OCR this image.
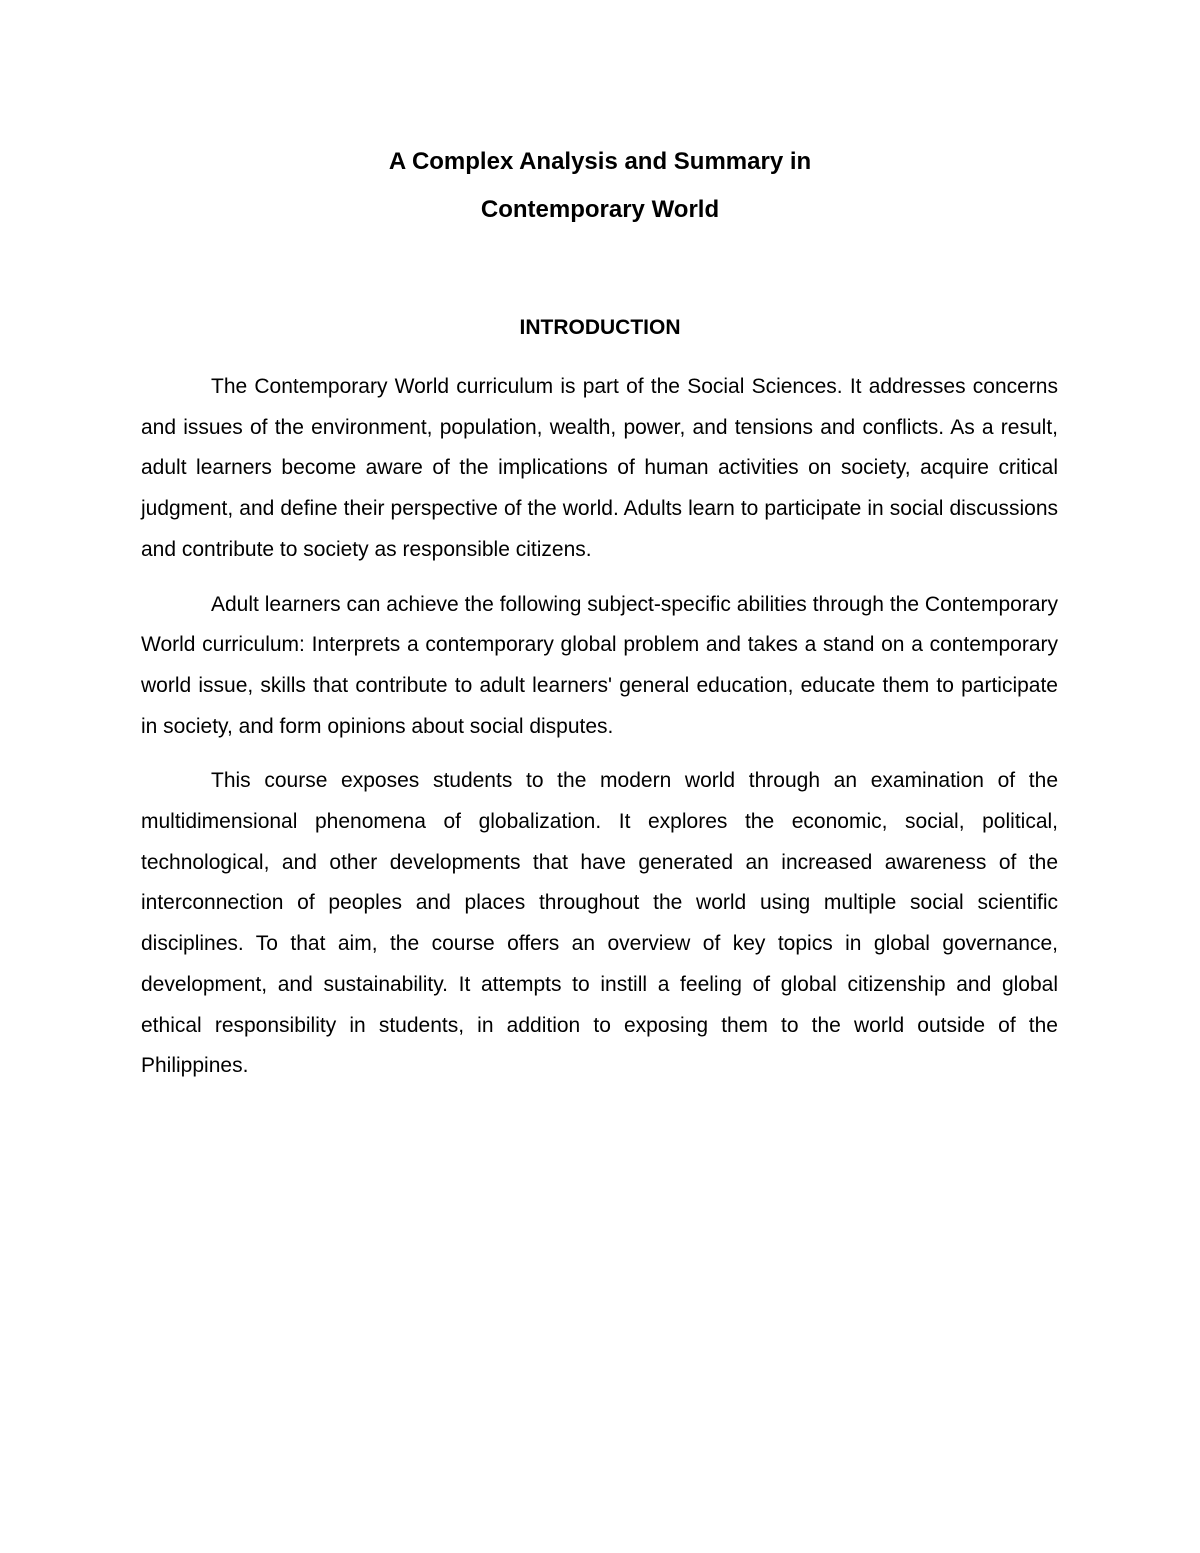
A Complex Analysis and Summary in
Contemporary World
INTRODUCTION

The Contemporary World curriculum is part of the Social Sciences. It addresses concerns and issues of the environment, population, wealth, power, and tensions and conflicts. As a result, adult learners become aware of the implications of human activities on society, acquire critical judgment, and define their perspective of the world. Adults learn to participate in social discussions and contribute to society as responsible citizens.

Adult learners can achieve the following subject-specific abilities through the Contemporary World curriculum: Interprets a contemporary global problem and takes a stand on a contemporary world issue, skills that contribute to adult learners' general education, educate them to participate in society, and form opinions about social disputes.

This course exposes students to the modern world through an examination of the multidimensional phenomena of globalization. It explores the economic, social, political, technological, and other developments that have generated an increased awareness of the interconnection of peoples and places throughout the world using multiple social scientific disciplines. To that aim, the course offers an overview of key topics in global governance, development, and sustainability. It attempts to instill a feeling of global citizenship and global ethical responsibility in students, in addition to exposing them to the world outside of the Philippines.
